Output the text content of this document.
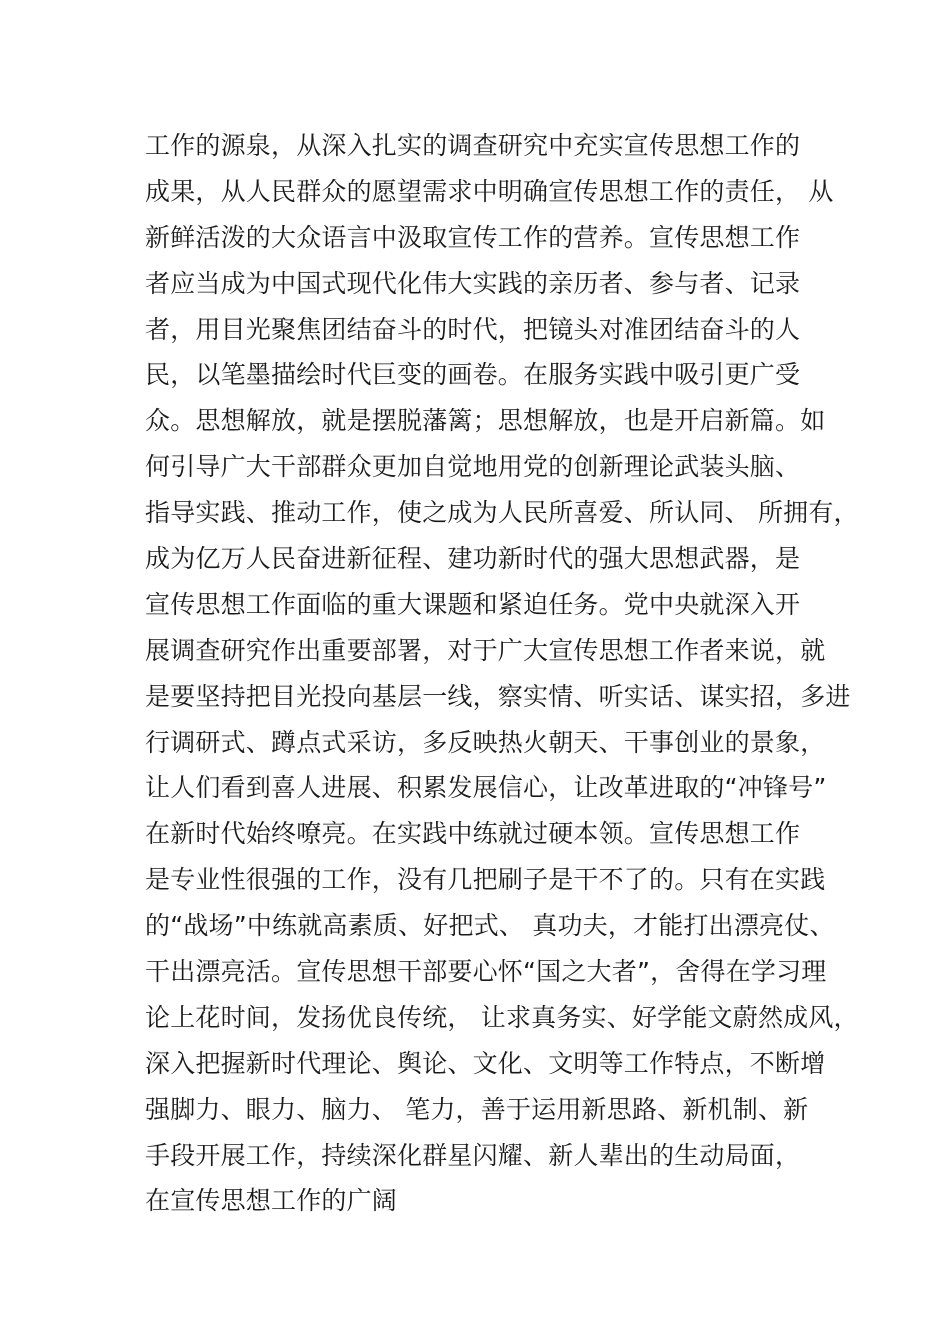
工作的源泉，从深入扎实的调查研究中充实宣传思想工作的
成果，从人民群众的愿望需求中明确宣传思想工作的责任， 从
新鲜活泼的大众语言中汲取宣传工作的营养。宣传思想工作
者应当成为中国式现代化伟大实践的亲历者、参与者、记录
者，用目光聚焦团结奋斗的时代，把镜头对准团结奋斗的人
民，以笔墨描绘时代巨变的画卷。在服务实践中吸引更广受
众。思想解放，就是摆脱藩篱；思想解放，也是开启新篇。如
何引导广大干部群众更加自觉地用党的创新理论武装头脑、
指导实践、推动工作，使之成为人民所喜爱、所认同、 所拥有，
成为亿万人民奋进新征程、建功新时代的强大思想武器，是
宣传思想工作面临的重大课题和紧迫任务。党中央就深入开
展调查研究作出重要部署，对于广大宣传思想工作者来说，就
是要坚持把目光投向基层一线，察实情、听实话、谋实招，多进
行调研式、蹲点式采访，多反映热火朝天、干事创业的景象，
让人们看到喜人进展、积累发展信心，让改革进取的“冲锋号”
在新时代始终嘹亮。在实践中练就过硬本领。宣传思想工作
是专业性很强的工作，没有几把刷子是干不了的。只有在实践
的“战场”中练就高素质、好把式、 真功夫，才能打出漂亮仗、
干出漂亮活。宣传思想干部要心怀“国之大者”，舍得在学习理
论上花时间，发扬优良传统， 让求真务实、好学能文蔚然成风，
深入把握新时代理论、舆论、文化、文明等工作特点，不断增
强脚力、眼力、脑力、 笔力，善于运用新思路、新机制、新
手段开展工作，持续深化群星闪耀、新人辈出的生动局面，
在宣传思想工作的广阔
